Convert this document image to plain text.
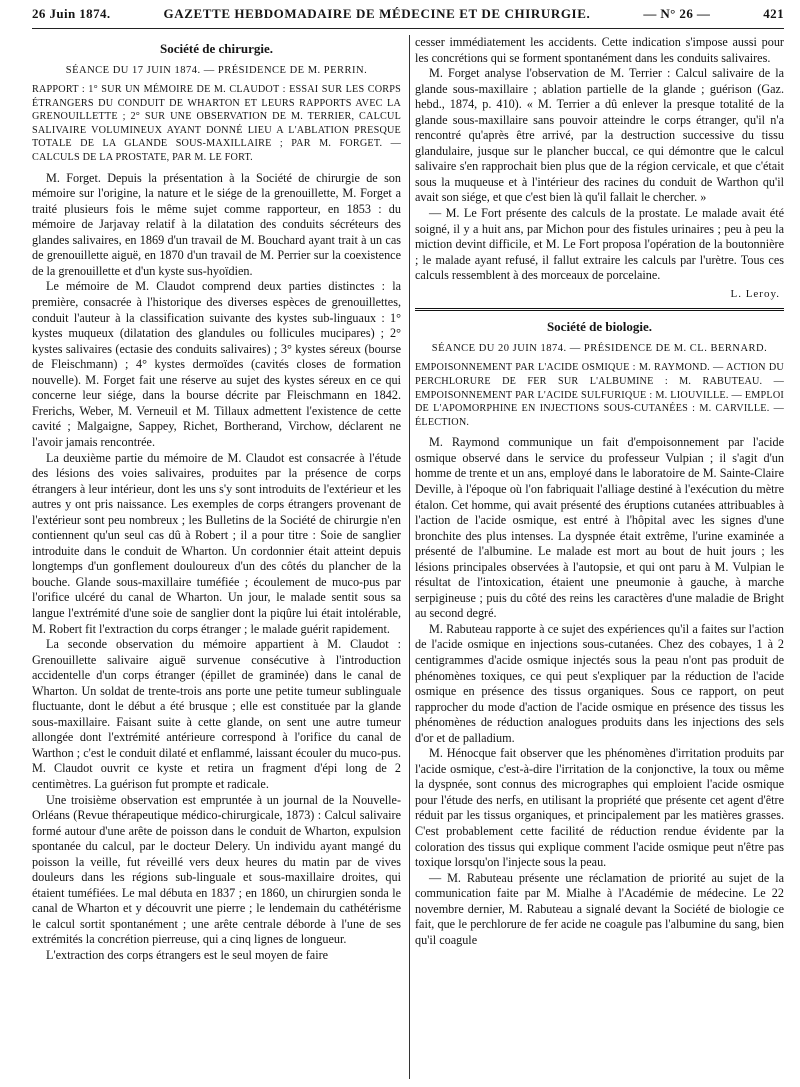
26 Juin 1874.	GAZETTE HEBDOMADAIRE DE MÉDECINE ET DE CHIRURGIE.	— N° 26 —	421
Société de chirurgie.

SÉANCE DU 17 JUIN 1874. — PRÉSIDENCE DE M. PERRIN.

RAPPORT : 1° SUR UN MÉMOIRE DE M. CLAUDOT : ESSAI SUR LES CORPS ÉTRANGERS DU CONDUIT DE WHARTON ET LEURS RAPPORTS AVEC LA GRENOUILLETTE ; 2° SUR UNE OBSERVATION DE M. TERRIER, CALCUL SALIVAIRE VOLUMINEUX AYANT DONNÉ LIEU A L'ABLATION PRESQUE TOTALE DE LA GLANDE SOUS-MAXILLAIRE ; PAR M. FORGET. — CALCULS DE LA PROSTATE, PAR M. LE FORT.

M. Forget. Depuis la présentation à la Société de chirurgie de son mémoire sur l'origine, la nature et le siége de la grenouillette, M. Forget a traité plusieurs fois le même sujet comme rapporteur, en 1853 : du mémoire de Jarjavay relatif à la dilatation des conduits sécréteurs des glandes salivaires, en 1869 d'un travail de M. Bouchard ayant trait à un cas de grenouillette aiguë, en 1870 d'un travail de M. Perrier sur la coexistence de la grenouillette et d'un kyste sus-hyoïdien.

Le mémoire de M. Claudot comprend deux parties distinctes : la première, consacrée à l'historique des diverses espèces de grenouillettes, conduit l'auteur à la classification suivante des kystes sub-linguaux : 1° kystes muqueux (dilatation des glandules ou follicules mucipares) ; 2° kystes salivaires (ectasie des conduits salivaires) ; 3° kystes séreux (bourse de Fleischmann) ; 4° kystes dermoïdes (cavités closes de formation nouvelle). M. Forget fait une réserve au sujet des kystes séreux en ce qui concerne leur siége, dans la bourse décrite par Fleischmann en 1842. Frerichs, Weber, M. Verneuil et M. Tillaux admettent l'existence de cette cavité ; Malgaigne, Sappey, Richet, Bortherand, Virchow, déclarent ne l'avoir jamais rencontrée.

La deuxième partie du mémoire de M. Claudot est consacrée à l'étude des lésions des voies salivaires, produites par la présence de corps étrangers à leur intérieur, dont les uns s'y sont introduits de l'extérieur et les autres y ont pris naissance. Les exemples de corps étrangers provenant de l'extérieur sont peu nombreux ; les Bulletins de la Société de chirurgie n'en contiennent qu'un seul cas dû à Robert ; il a pour titre : Soie de sanglier introduite dans le conduit de Wharton. Un cordonnier était atteint depuis longtemps d'un gonflement douloureux d'un des côtés du plancher de la bouche. Glande sous-maxillaire tuméfiée ; écoulement de muco-pus par l'orifice ulcéré du canal de Wharton. Un jour, le malade sentit sous sa langue l'extrémité d'une soie de sanglier dont la piqûre lui était intolérable, M. Robert fit l'extraction du corps étranger ; le malade guérit rapidement.

La seconde observation du mémoire appartient à M. Claudot : Grenouillette salivaire aiguë survenue consécutive à l'introduction accidentelle d'un corps étranger (épillet de graminée) dans le canal de Wharton. Un soldat de trente-trois ans porte une petite tumeur sublinguale fluctuante, dont le début a été brusque ; elle est constituée par la glande sous-maxillaire. Faisant suite à cette glande, on sent une autre tumeur allongée dont l'extrémité antérieure correspond à l'orifice du canal de Warthon ; c'est le conduit dilaté et enflammé, laissant écouler du muco-pus. M. Claudot ouvrit ce kyste et retira un fragment d'épi long de 2 centimètres. La guérison fut prompte et radicale.

Une troisième observation est empruntée à un journal de la Nouvelle-Orléans (Revue thérapeutique médico-chirurgicale, 1873) : Calcul salivaire formé autour d'une arête de poisson dans le conduit de Wharton, expulsion spontanée du calcul, par le docteur Delery. Un individu ayant mangé du poisson la veille, fut réveillé vers deux heures du matin par de vives douleurs dans les régions sub-linguale et sous-maxillaire droites, qui étaient tuméfiées. Le mal débuta en 1837 ; en 1860, un chirurgien sonda le canal de Wharton et y découvrit une pierre ; le lendemain du cathétérisme le calcul sortit spontanément ; une arête centrale déborde à l'une de ses extrémités la concrétion pierreuse, qui a cinq lignes de longueur.

L'extraction des corps étrangers est le seul moyen de faire

cesser immédiatement les accidents. Cette indication s'impose aussi pour les concrétions qui se forment spontanément dans les conduits salivaires.

M. Forget analyse l'observation de M. Terrier : Calcul salivaire de la glande sous-maxillaire ; ablation partielle de la glande ; guérison (Gaz. hebd., 1874, p. 410). « M. Terrier a dû enlever la presque totalité de la glande sous-maxillaire sans pouvoir atteindre le corps étranger, qu'il n'a rencontré qu'après être arrivé, par la destruction successive du tissu glandulaire, jusque sur le plancher buccal, ce qui démontre que le calcul salivaire s'en rapprochait bien plus que de la région cervicale, et que c'était sous la muqueuse et à l'intérieur des racines du conduit de Warthon qu'il avait son siége, et que c'est bien là qu'il fallait le chercher. »

— M. Le Fort présente des calculs de la prostate. Le malade avait été soigné, il y a huit ans, par Michon pour des fistules urinaires ; peu à peu la miction devint difficile, et M. Le Fort proposa l'opération de la boutonnière ; le malade ayant refusé, il fallut extraire les calculs par l'urètre. Tous ces calculs ressemblent à des morceaux de porcelaine.

L. Leroy.

Société de biologie.

SÉANCE DU 20 JUIN 1874. — PRÉSIDENCE DE M. CL. BERNARD.

EMPOISONNEMENT PAR L'ACIDE OSMIQUE : M. RAYMOND. — ACTION DU PERCHLORURE DE FER SUR L'ALBUMINE : M. RABUTEAU. — EMPOISONNEMENT PAR L'ACIDE SULFURIQUE : M. LIOUVILLE. — EMPLOI DE L'APOMORPHINE EN INJECTIONS SOUS-CUTANÉES : M. CARVILLE. — ÉLECTION.

M. Raymond communique un fait d'empoisonnement par l'acide osmique observé dans le service du professeur Vulpian ; il s'agit d'un homme de trente et un ans, employé dans le laboratoire de M. Sainte-Claire Deville, à l'époque où l'on fabriquait l'alliage destiné à l'exécution du mètre étalon. Cet homme, qui avait présenté des éruptions cutanées attribuables à l'action de l'acide osmique, est entré à l'hôpital avec les signes d'une bronchite des plus intenses. La dyspnée était extrême, l'urine examinée a présenté de l'albumine. Le malade est mort au bout de huit jours ; les lésions principales observées à l'autopsie, et qui ont paru à M. Vulpian le résultat de l'intoxication, étaient une pneumonie à gauche, à marche serpigineuse ; puis du côté des reins les caractères d'une maladie de Bright au second degré.

M. Rabuteau rapporte à ce sujet des expériences qu'il a faites sur l'action de l'acide osmique en injections sous-cutanées. Chez des cobayes, 1 à 2 centigrammes d'acide osmique injectés sous la peau n'ont pas produit de phénomènes toxiques, ce qui peut s'expliquer par la réduction de l'acide osmique en présence des tissus organiques. Sous ce rapport, on peut rapprocher du mode d'action de l'acide osmique en présence des tissus les phénomènes de réduction analogues produits dans les injections des sels d'or et de palladium.

M. Hénocque fait observer que les phénomènes d'irritation produits par l'acide osmique, c'est-à-dire l'irritation de la conjonctive, la toux ou même la dyspnée, sont connus des micrographes qui emploient l'acide osmique pour l'étude des nerfs, en utilisant la propriété que présente cet agent d'être réduit par les tissus organiques, et principalement par les matières grasses. C'est probablement cette facilité de réduction rendue évidente par la coloration des tissus qui explique comment l'acide osmique peut n'être pas toxique lorsqu'on l'injecte sous la peau.

— M. Rabuteau présente une réclamation de priorité au sujet de la communication faite par M. Mialhe à l'Académie de médecine. Le 22 novembre dernier, M. Rabuteau a signalé devant la Société de biologie ce fait, que le perchlorure de fer acide ne coagule pas l'albumine du sang, bien qu'il coagule
